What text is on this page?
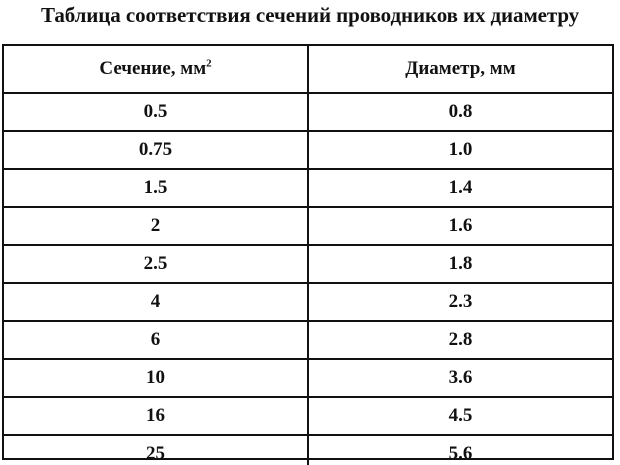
Таблица соответствия сечений проводников их диаметру
Сечение, $мм^2$	Диаметр, мм
0.5	0.8
0.75	1.0
1.5	1.4
2	1.6
2.5	1.8
4	2.3
6	2.8
10	3.6
16	4.5
25	5.6
